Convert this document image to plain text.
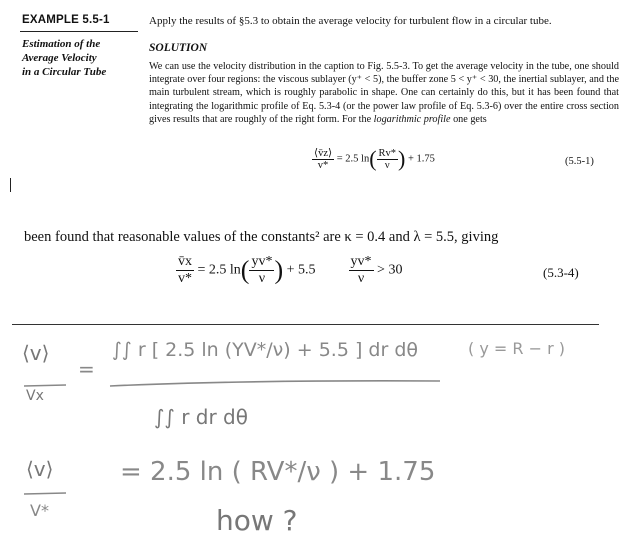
EXAMPLE 5.5-1
Estimation of the
Average Velocity
in a Circular Tube
Apply the results of §5.3 to obtain the average velocity for turbulent flow in a circular tube.
SOLUTION
We can use the velocity distribution in the caption to Fig. 5.5-3. To get the average velocity in the tube, one should integrate over four regions: the viscous sublayer (y⁺ < 5), the buffer zone 5 < y⁺ < 30, the inertial sublayer, and the main turbulent stream, which is roughly parabolic in shape. One can certainly do this, but it has been found that integrating the logarithmic profile of Eq. 5.3-4 (or the power law profile of Eq. 5.3-6) over the entire cross section gives results that are roughly of the right form. For the logarithmic profile one gets
$\frac{⟨v̄z⟩}{v*} = 2.5$ $\ln( \frac{Rv*}{\nu}$ ) + 1.75	(5.5-1)
been found that reasonable values of the constants² are κ = 0.4 and λ = 5.5, giving
$\frac{v̄x}{v*} = 2.5$ $\ln( \frac{yv*}{\nu}$ ) + $5.5 \frac{yv*}{\nu} > 30$	(5.3-4)
⟨v⟩
=
Vx
∫∫ r [ 2.5 ln (YV*/ν) + 5.5 ] dr dθ	( y = R − r )
∫∫ r dr dθ
⟨v⟩	= 2.5 ln ( RV*/ν ) + 1.75
V*	how ?
